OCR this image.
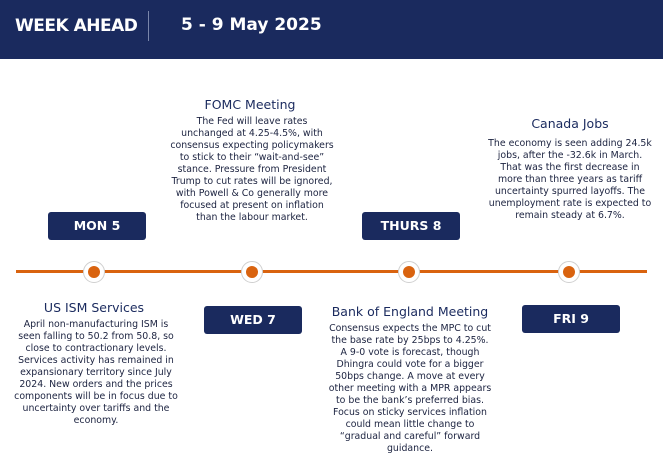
WEEK AHEAD	5 - 9 May 2025
FOMC Meeting
The Fed will leave rates unchanged at 4.25-4.5%, with consensus expecting policymakers to stick to their “wait-and-see” stance. Pressure from President Trump to cut rates will be ignored, with Powell & Co generally more focused at present on inflation than the labour market.
Canada Jobs
The economy is seen adding 24.5k jobs, after the -32.6k in March. That was the first decrease in more than three years as tariff uncertainty spurred layoffs. The unemployment rate is expected to remain steady at 6.7%.
MON 5	THURS 8
WED 7	FRI 9
US ISM Services
April non-manufacturing ISM is seen falling to 50.2 from 50.8, so close to contractionary levels. Services activity has remained in expansionary territory since July 2024. New orders and the prices components will be in focus due to uncertainty over tariffs and the economy.
Bank of England Meeting
Consensus expects the MPC to cut the base rate by 25bps to 4.25%. A 9-0 vote is forecast, though Dhingra could vote for a bigger 50bps change. A move at every other meeting with a MPR appears to be the bank’s preferred bias. Focus on sticky services inflation could mean little change to “gradual and careful” forward guidance.
